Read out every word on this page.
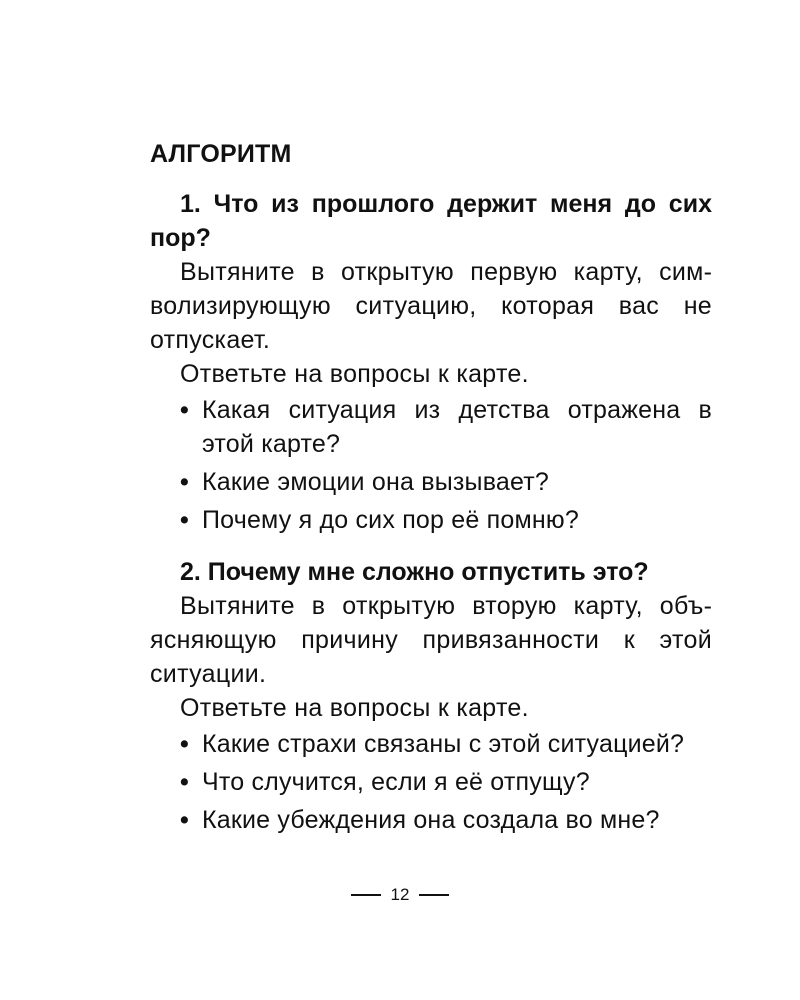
АЛГОРИТМ

1. Что из прошлого держит меня до сих пор?

Вытяните в открытую первую карту, символизирующую ситуацию, которая вас не отпускает.

Ответьте на вопросы к карте.

• Какая ситуация из детства отражена в этой карте?
• Какие эмоции она вызывает?
• Почему я до сих пор её помню?

2. Почему мне сложно отпустить это?

Вытяните в открытую вторую карту, объясняющую причину привязанности к этой ситуации.

Ответьте на вопросы к карте.

• Какие страхи связаны с этой ситуацией?
• Что случится, если я её отпущу?
• Какие убеждения она создала во мне?
12
